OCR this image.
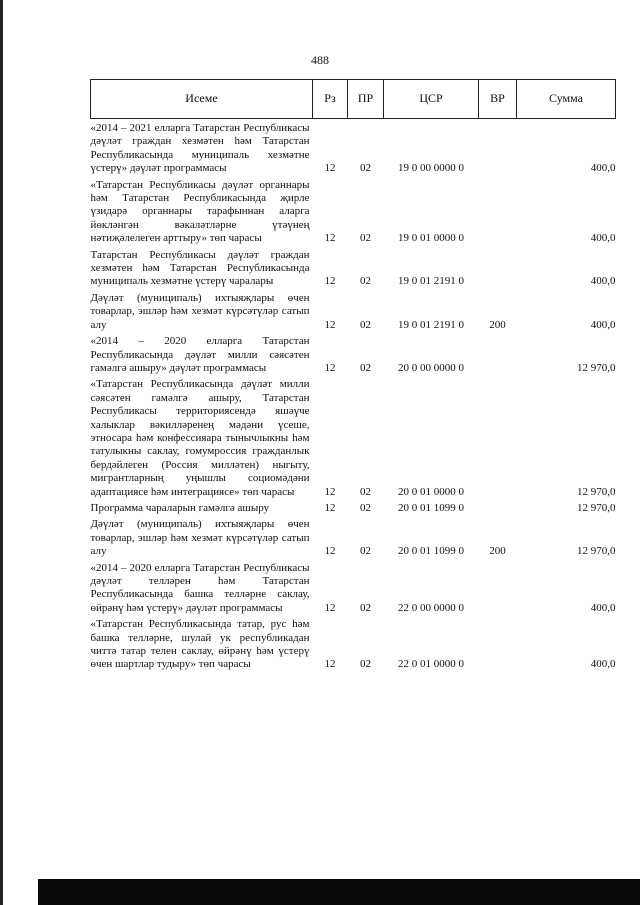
488
Исеме	Рз	ПР	ЦСР	ВР	Сумма
«2014 – 2021 елларга Татарстан Республикасы дәүләт граждан хезмәтен һәм Татарстан Республикасында муниципаль хезмәтне үстерү» дәүләт программасы	12	02	19 0 00 0000 0		400,0
«Татарстан Республикасы дәүләт органнары һәм Татарстан Республикасында җирле үзидарә органнары тарафыннан аларга йөкләнгән вәкаләтләрне үтәүнең нәтиҗәлелеген арттыру» төп чарасы	12	02	19 0 01 0000 0		400,0
Татарстан Республикасы дәүләт граждан хезмәтен һәм Татарстан Республикасында муниципаль хезмәтне үстерү чаралары	12	02	19 0 01 2191 0		400,0
Дәүләт (муниципаль) ихтыяҗлары өчен товарлар, эшләр һәм хезмәт күрсәтүләр сатып алу	12	02	19 0 01 2191 0	200	400,0
«2014 – 2020 елларга Татарстан Республикасында дәүләт милли сәясәтен гамәлгә ашыру» дәүләт программасы	12	02	20 0 00 0000 0		12 970,0
«Татарстан Республикасында дәүләт милли сәясәтен гамәлгә ашыру, Татарстан Республикасы территориясендә яшәүче халыклар вәкилләренең мәдәни үсеше, этносара һәм конфессияара тынычлыкны һәм татулыкны саклау, гомумроссия гражданлык бердәйлеген (Россия милләтен) ныгыту, мигрантларның уңышлы социомәдәни адаптациясе һәм интеграциясе» төп чарасы	12	02	20 0 01 0000 0		12 970,0
Программа чараларын гамәлгә ашыру	12	02	20 0 01 1099 0		12 970,0
Дәүләт (муниципаль) ихтыяҗлары өчен товарлар, эшләр һәм хезмәт күрсәтүләр сатып алу	12	02	20 0 01 1099 0	200	12 970,0
«2014 – 2020 елларга Татарстан Республикасы дәүләт телләрен һәм Татарстан Республикасында башка телләрне саклау, өйрәнү һәм үстерү» дәүләт программасы	12	02	22 0 00 0000 0		400,0
«Татарстан Республикасында татар, рус һәм башка телләрне, шулай ук республикадан читтә татар телен саклау, өйрәнү һәм үстерү өчен шартлар тудыру» төп чарасы	12	02	22 0 01 0000 0		400,0
